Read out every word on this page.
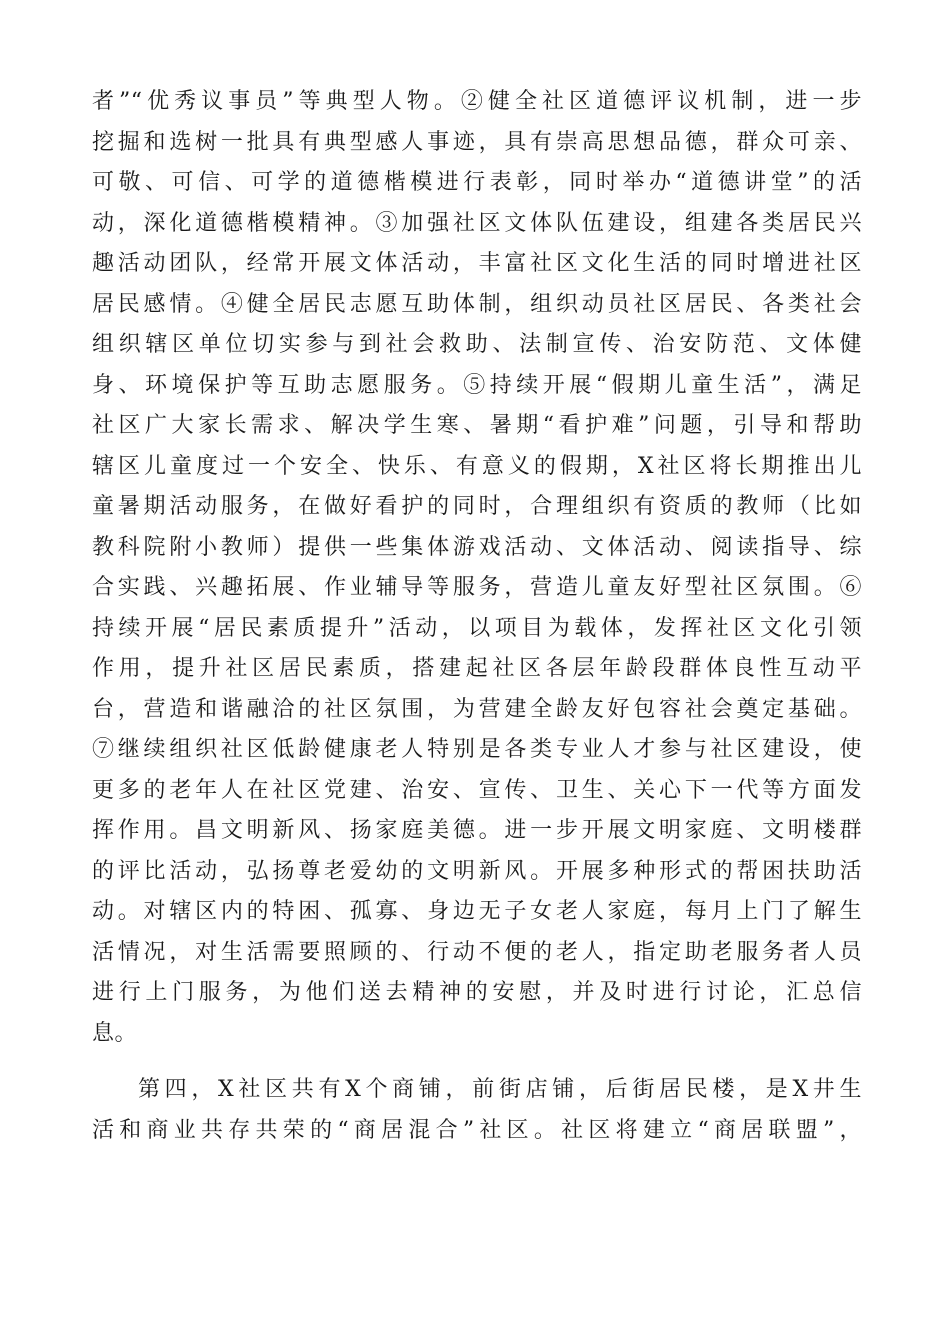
者”“优秀议事员”等典型人物。②健全社区道德评议机制，进一步
挖掘和选树一批具有典型感人事迹，具有崇高思想品德，群众可亲、
可敬、可信、可学的道德楷模进行表彰，同时举办“道德讲堂”的活
动，深化道德楷模精神。③加强社区文体队伍建设，组建各类居民兴
趣活动团队，经常开展文体活动，丰富社区文化生活的同时增进社区
居民感情。④健全居民志愿互助体制，组织动员社区居民、各类社会
组织辖区单位切实参与到社会救助、法制宣传、治安防范、文体健
身、环境保护等互助志愿服务。⑤持续开展“假期儿童生活”，满足
社区广大家长需求、解决学生寒、暑期“看护难”问题，引导和帮助
辖区儿童度过一个安全、快乐、有意义的假期，X社区将长期推出儿
童暑期活动服务，在做好看护的同时，合理组织有资质的教师（比如
教科院附小教师）提供一些集体游戏活动、文体活动、阅读指导、综
合实践、兴趣拓展、作业辅导等服务，营造儿童友好型社区氛围。⑥
持续开展“居民素质提升”活动，以项目为载体，发挥社区文化引领
作用，提升社区居民素质，搭建起社区各层年龄段群体良性互动平
台，营造和谐融洽的社区氛围，为营建全龄友好包容社会奠定基础。
⑦继续组织社区低龄健康老人特别是各类专业人才参与社区建设，使
更多的老年人在社区党建、治安、宣传、卫生、关心下一代等方面发
挥作用。昌文明新风、扬家庭美德。进一步开展文明家庭、文明楼群
的评比活动，弘扬尊老爱幼的文明新风。开展多种形式的帮困扶助活
动。对辖区内的特困、孤寡、身边无子女老人家庭，每月上门了解生
活情况，对生活需要照顾的、行动不便的老人，指定助老服务者人员
进行上门服务，为他们送去精神的安慰，并及时进行讨论，汇总信
息。
第四，X社区共有X个商铺，前街店铺，后街居民楼，是X井生
活和商业共存共荣的“商居混合”社区。社区将建立“商居联盟”，
